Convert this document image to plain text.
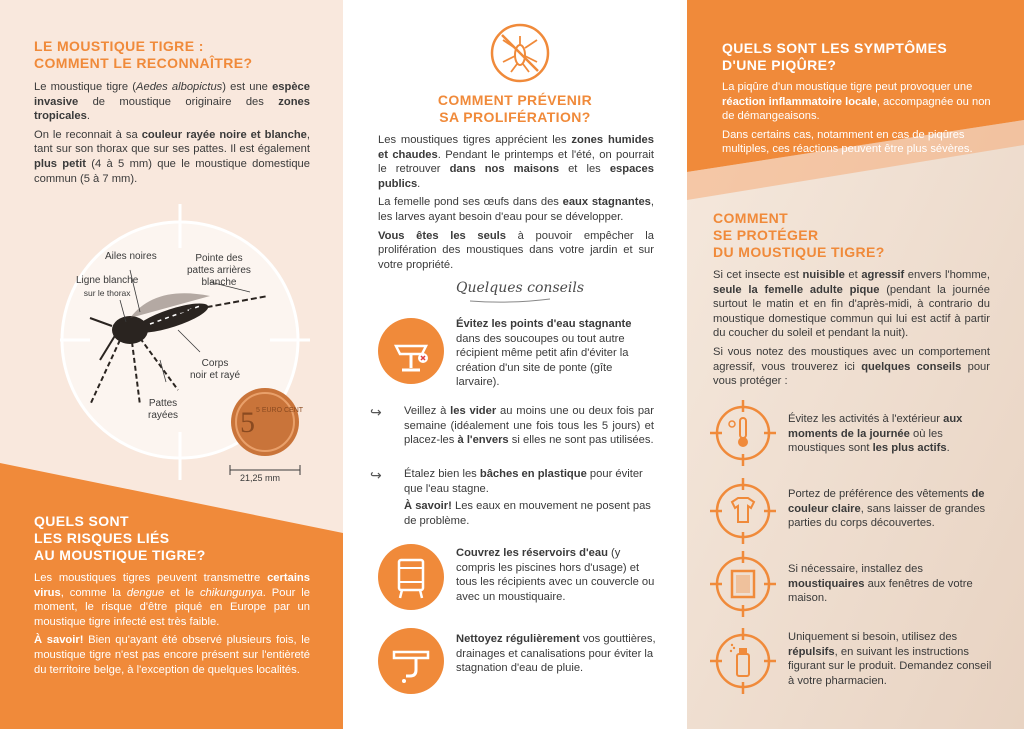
LE MOUSTIQUE TIGRE :
COMMENT LE RECONNAÎTRE?

Le moustique tigre (Aedes albopictus) est une espèce invasive de moustique originaire des zones tropicales.

On le reconnait à sa couleur rayée noire et blanche, tant sur son thorax que sur ses pattes. Il est également plus petit (4 à 5 mm) que le moustique domestique commun (5 à 7 mm).

5 5 EURO CENT
Ailes noires	Pointe des
pattes arrières
blanche
Ligne blanche
sur le thorax
Corps
noir et rayé
Pattes
rayées
21,25 mm
QUELS SONT
LES RISQUES LIÉS
AU MOUSTIQUE TIGRE?

Les moustiques tigres peuvent transmettre certains virus, comme la dengue et le chikungunya. Pour le moment, le risque d'être piqué en Europe par un moustique tigre infecté est très faible.

À savoir! Bien qu'ayant été observé plusieurs fois, le moustique tigre n'est pas encore présent sur l'entièreté du territoire belge, à l'exception de quelques localités.

COMMENT PRÉVENIR
SA PROLIFÉRATION?

Les moustiques tigres apprécient les zones humides et chaudes. Pendant le printemps et l'été, on pourrait le retrouver dans nos maisons et les espaces publics.

La femelle pond ses œufs dans des eaux stagnantes, les larves ayant besoin d'eau pour se développer.

Vous êtes les seuls à pouvoir empêcher la prolifération des moustiques dans votre jardin et sur votre propriété.

Quelques conseils
Évitez les points d'eau stagnante dans des soucoupes ou tout autre récipient même petit afin d'éviter la création d'un site de ponte (gîte larvaire).
↪ Veillez à les vider au moins une ou deux fois par semaine (idéalement une fois tous les 5 jours) et placez-les à l'envers si elles ne sont pas utilisées.
↪ Étalez bien les bâches en plastique pour éviter que l'eau stagne.
À savoir! Les eaux en mouvement ne posent pas de problème.
Couvrez les réservoirs d'eau (y compris les piscines hors d'usage) et tous les récipients avec un couvercle ou avec un moustiquaire.
Nettoyez régulièrement vos gouttières, drainages et canalisations pour éviter la stagnation d'eau de pluie.
QUELS SONT LES SYMPTÔMES
D'UNE PIQÛRE?

La piqûre d'un moustique tigre peut provoquer une réaction inflammatoire locale, accompagnée ou non de démangeaisons.

Dans certains cas, notamment en cas de piqûres multiples, ces réactions peuvent être plus sévères.

COMMENT
SE PROTÉGER
DU MOUSTIQUE TIGRE?

Si cet insecte est nuisible et agressif envers l'homme, seule la femelle adulte pique (pendant la journée surtout le matin et en fin d'après-midi, à contrario du moustique domestique commun qui lui est actif à partir du coucher du soleil et pendant la nuit).

Si vous notez des moustiques avec un comportement agressif, vous trouverez ici quelques conseils pour vous protéger :

Évitez les activités à l'extérieur aux moments de la journée où les moustiques sont les plus actifs.
Portez de préférence des vêtements de couleur claire, sans laisser de grandes parties du corps découvertes.
Si nécessaire, installez des moustiquaires aux fenêtres de votre maison.
Uniquement si besoin, utilisez des répulsifs, en suivant les instructions figurant sur le produit. Demandez conseil à votre pharmacien.
